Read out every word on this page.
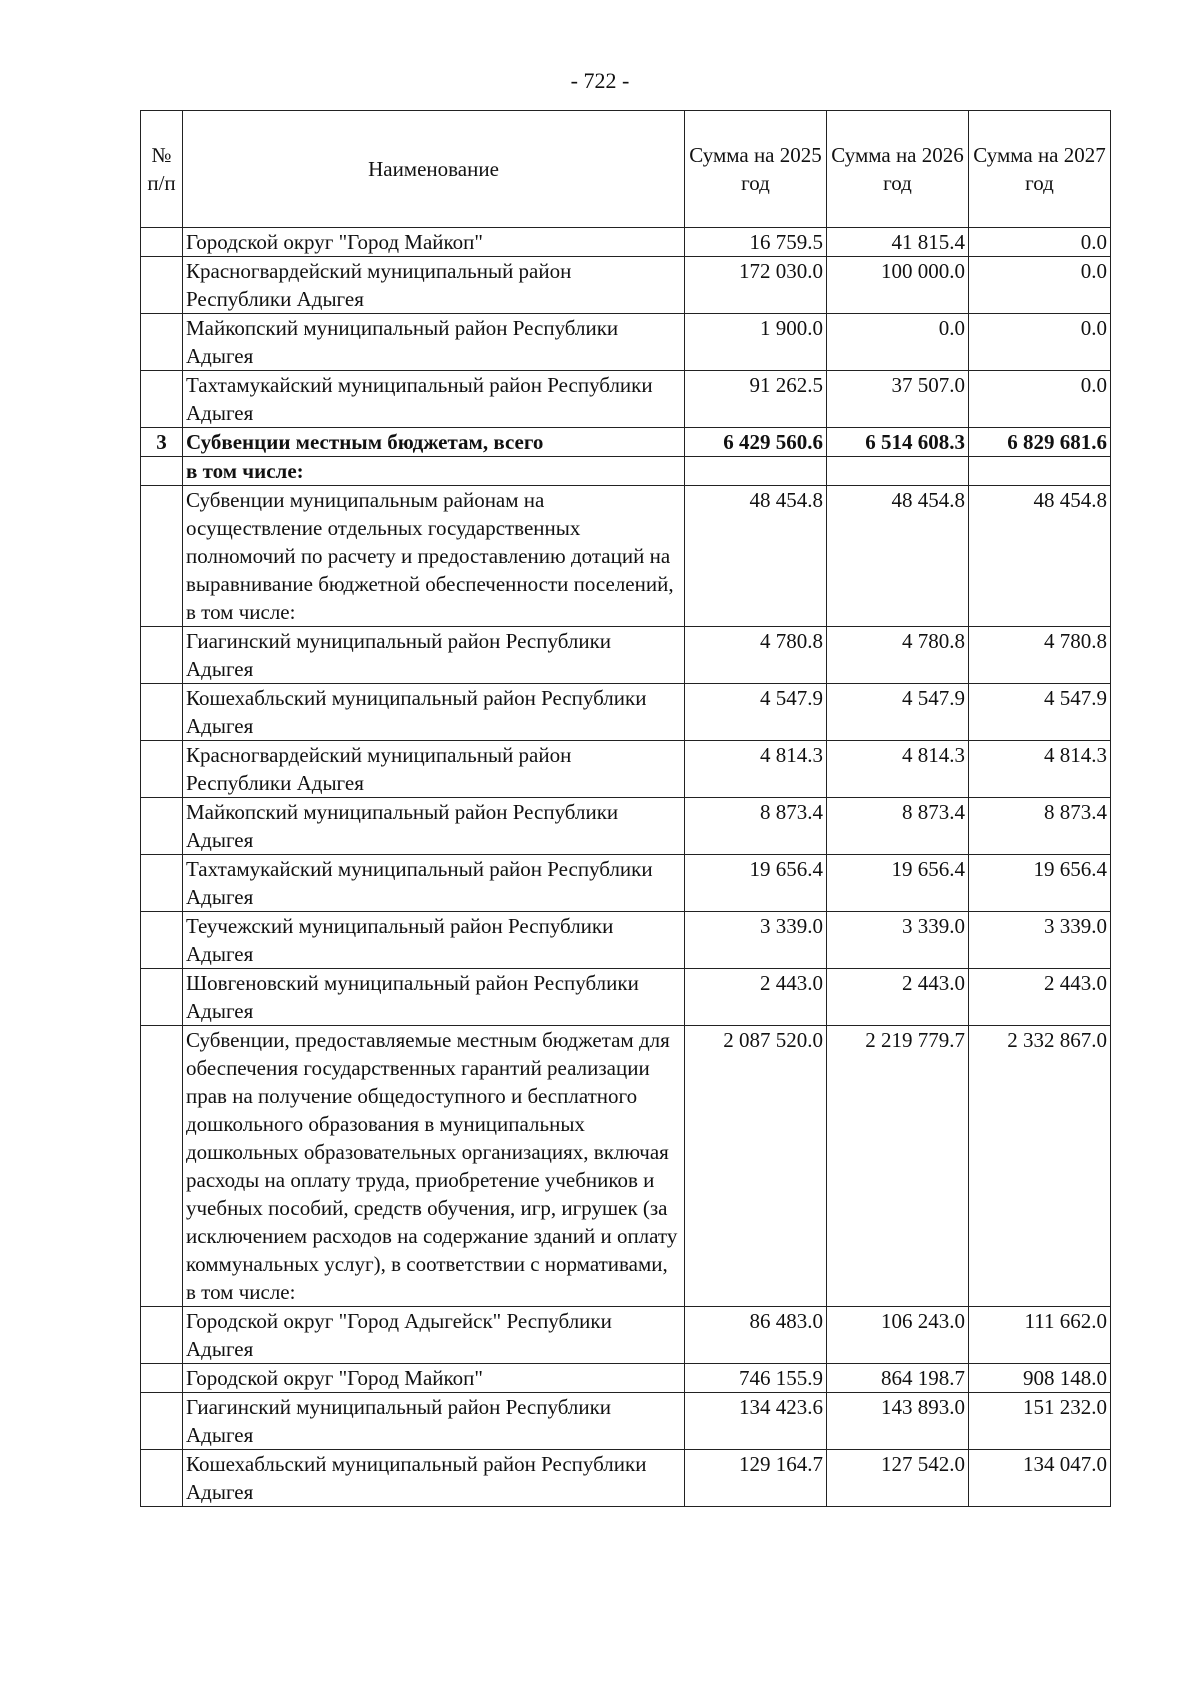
- 722 -
№ п/п	Наименование	Сумма на 2025 год	Сумма на 2026 год	Сумма на 2027 год
	Городской округ "Город Майкоп"	16 759.5	41 815.4	0.0
	Красногвардейский муниципальный район Республики Адыгея	172 030.0	100 000.0	0.0
	Майкопский муниципальный район Республики Адыгея	1 900.0	0.0	0.0
	Тахтамукайский муниципальный район Республики Адыгея	91 262.5	37 507.0	0.0
3	Субвенции местным бюджетам, всего	6 429 560.6	6 514 608.3	6 829 681.6
	в том числе:			
	Субвенции муниципальным районам на осуществление отдельных государственных полномочий по расчету и предоставлению дотаций на выравнивание бюджетной обеспеченности поселений, в том числе:	48 454.8	48 454.8	48 454.8
	Гиагинский муниципальный район Республики Адыгея	4 780.8	4 780.8	4 780.8
	Кошехабльский муниципальный район Республики Адыгея	4 547.9	4 547.9	4 547.9
	Красногвардейский муниципальный район Республики Адыгея	4 814.3	4 814.3	4 814.3
	Майкопский муниципальный район Республики Адыгея	8 873.4	8 873.4	8 873.4
	Тахтамукайский муниципальный район Республики Адыгея	19 656.4	19 656.4	19 656.4
	Теучежский муниципальный район Республики Адыгея	3 339.0	3 339.0	3 339.0
	Шовгеновский муниципальный район Республики Адыгея	2 443.0	2 443.0	2 443.0
	Субвенции, предоставляемые местным бюджетам для обеспечения государственных гарантий реализации прав на получение общедоступного и бесплатного дошкольного образования в муниципальных дошкольных образовательных организациях, включая расходы на оплату труда, приобретение учебников и учебных пособий, средств обучения, игр, игрушек (за исключением расходов на содержание зданий и оплату коммунальных услуг), в соответствии с нормативами, в том числе:	2 087 520.0	2 219 779.7	2 332 867.0
	Городской округ "Город Адыгейск" Республики Адыгея	86 483.0	106 243.0	111 662.0
	Городской округ "Город Майкоп"	746 155.9	864 198.7	908 148.0
	Гиагинский муниципальный район Республики Адыгея	134 423.6	143 893.0	151 232.0
	Кошехабльский муниципальный район Республики Адыгея	129 164.7	127 542.0	134 047.0
